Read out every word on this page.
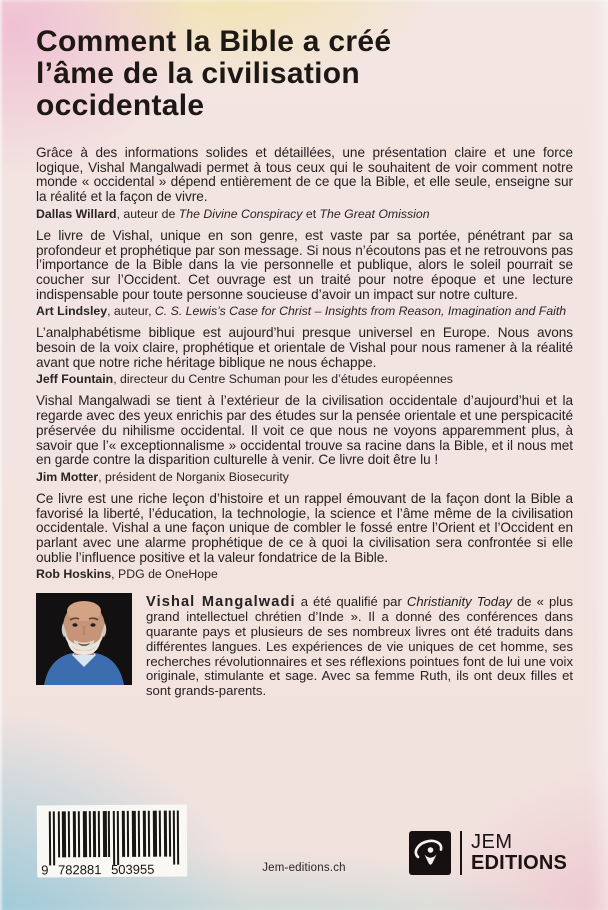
Comment la Bible a créé
l’âme de la civilisation
occidentale

Grâce à des informations solides et détaillées, une présentation claire et une force logique, Vishal Mangalwadi permet à tous ceux qui le souhaitent de voir comment notre monde « occidental » dépend entièrement de ce que la Bible, et elle seule, enseigne sur la réalité et la façon de vivre.

Dallas Willard, auteur de The Divine Conspiracy et The Great Omission

Le livre de Vishal, unique en son genre, est vaste par sa portée, pénétrant par sa profondeur et prophétique par son message. Si nous n’écoutons pas et ne retrouvons pas l’importance de la Bible dans la vie personnelle et publique, alors le soleil pourrait se coucher sur l’Occident. Cet ouvrage est un traité pour notre époque et une lecture indispensable pour toute personne soucieuse d’avoir un impact sur notre culture.

Art Lindsley, auteur, C. S. Lewis’s Case for Christ – Insights from Reason, Imagination and Faith

L’analphabétisme biblique est aujourd’hui presque universel en Europe. Nous avons besoin de la voix claire, prophétique et orientale de Vishal pour nous ramener à la réalité avant que notre riche héritage biblique ne nous échappe.

Jeff Fountain, directeur du Centre Schuman pour les d’études européennes

Vishal Mangalwadi se tient à l’extérieur de la civilisation occidentale d’aujourd’hui et la regarde avec des yeux enrichis par des études sur la pensée orientale et une perspicacité préservée du nihilisme occidental. Il voit ce que nous ne voyons apparemment plus, à savoir que l’« exceptionnalisme » occidental trouve sa racine dans la Bible, et il nous met en garde contre la disparition culturelle à venir. Ce livre doit être lu !

Jim Motter, président de Norganix Biosecurity

Ce livre est une riche leçon d’histoire et un rappel émouvant de la façon dont la Bible a favorisé la liberté, l’éducation, la technologie, la science et l’âme même de la civilisation occidentale. Vishal a une façon unique de combler le fossé entre l’Orient et l’Occident en parlant avec une alarme prophétique de ce à quoi la civilisation sera confrontée si elle oublie l’influence positive et la valeur fondatrice de la Bible.

Rob Hoskins, PDG de OneHope

Vishal Mangalwadi a été qualifié par Christianity Today de « plus grand intellectuel chrétien d’Inde ». Il a donné des conférences dans quarante pays et plusieurs de ses nombreux livres ont été traduits dans différentes langues. Les expériences de vie uniques de cet homme, ses recherches révolutionnaires et ses réflexions pointues font de lui une voix originale, stimulante et sage. Avec sa femme Ruth, ils ont deux filles et sont grands-parents.

9 782881 503955	Jem-editions.ch
JEM
EDITIONS
